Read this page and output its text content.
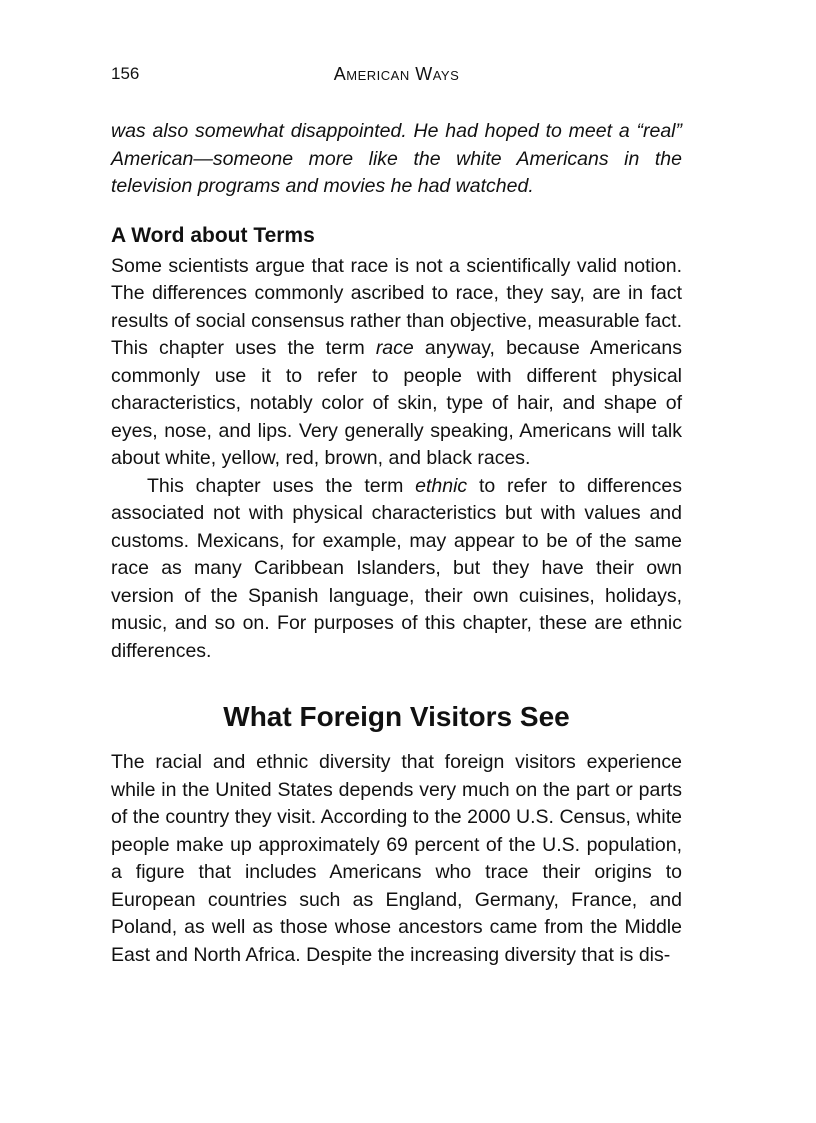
156	American Ways

was also somewhat disappointed. He had hoped to meet a “real” American—someone more like the white Americans in the television programs and movies he had watched.

A Word about Terms

Some scientists argue that race is not a scientifically valid notion. The differences commonly ascribed to race, they say, are in fact results of social consensus rather than objective, measurable fact. This chapter uses the term race anyway, because Americans commonly use it to refer to people with different physical characteristics, notably color of skin, type of hair, and shape of eyes, nose, and lips. Very generally speaking, Americans will talk about white, yellow, red, brown, and black races.

This chapter uses the term ethnic to refer to differences associated not with physical characteristics but with values and customs. Mexicans, for example, may appear to be of the same race as many Caribbean Islanders, but they have their own version of the Spanish language, their own cuisines, holidays, music, and so on. For purposes of this chapter, these are ethnic differences.

What Foreign Visitors See

The racial and ethnic diversity that foreign visitors experience while in the United States depends very much on the part or parts of the country they visit. According to the 2000 U.S. Census, white people make up approximately 69 percent of the U.S. population, a figure that includes Americans who trace their origins to European countries such as England, Germany, France, and Poland, as well as those whose ancestors came from the Middle East and North Africa. Despite the increasing diversity that is dis-
